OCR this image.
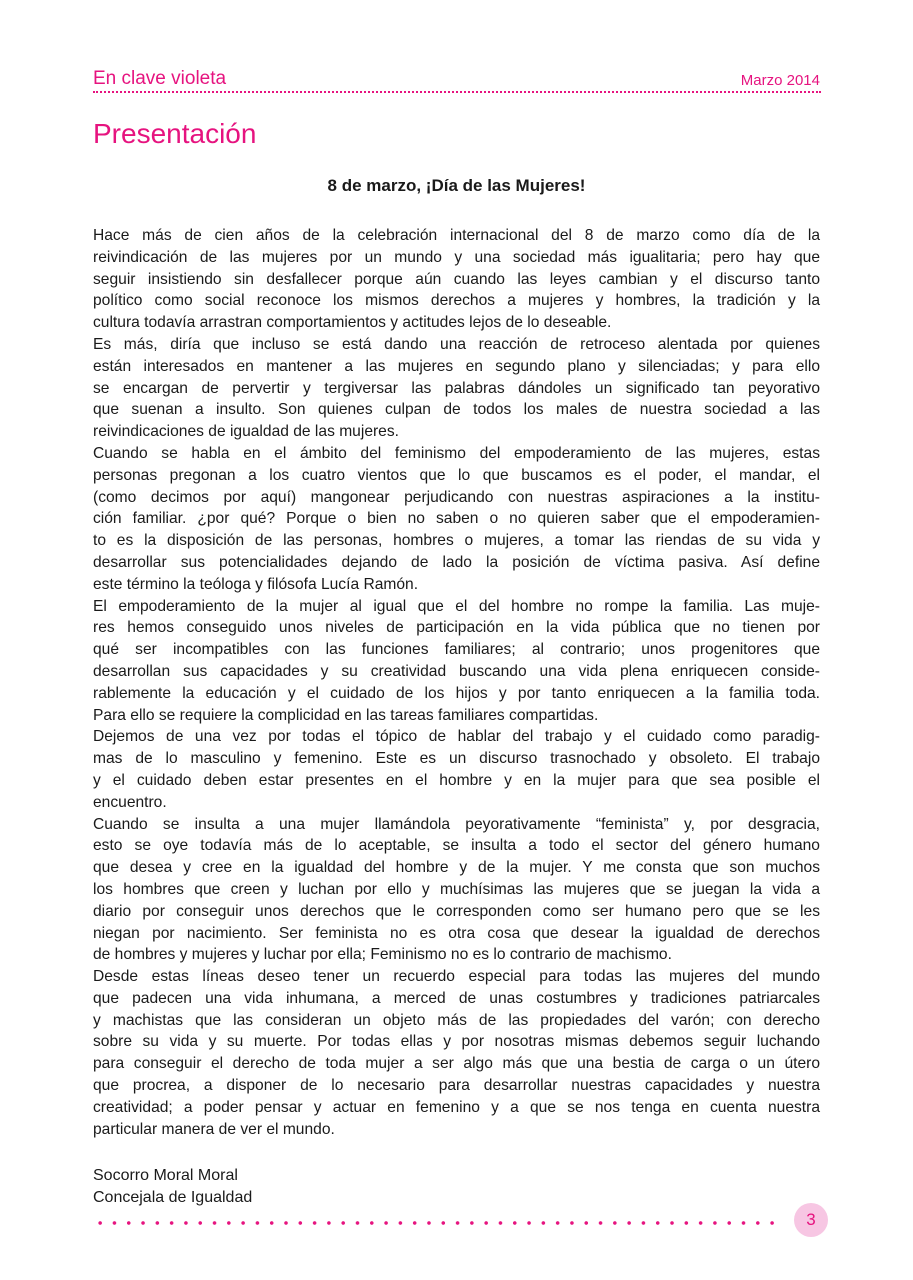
En clave violeta	Marzo 2014
Presentación
8 de marzo, ¡Día de las Mujeres!
Hace más de cien años de la celebración internacional del 8 de marzo como día de la
reivindicación de las mujeres por un mundo y una sociedad más igualitaria; pero hay que
seguir insistiendo sin desfallecer porque aún cuando las leyes cambian y el discurso tanto
político como social reconoce los mismos derechos a mujeres y hombres, la tradición y la
cultura todavía arrastran comportamientos y actitudes lejos de lo deseable.
Es más, diría que incluso se está dando una reacción de retroceso alentada por quienes
están interesados en mantener a las mujeres en segundo plano y silenciadas; y para ello
se encargan de pervertir y tergiversar las palabras dándoles un significado tan peyorativo
que suenan a insulto. Son quienes culpan de todos los males de nuestra sociedad a las
reivindicaciones de igualdad de las mujeres.
Cuando se habla en el ámbito del feminismo del empoderamiento de las mujeres, estas
personas pregonan a los cuatro vientos que lo que buscamos es el poder, el mandar, el
(como decimos por aquí) mangonear perjudicando con nuestras aspiraciones a la institu-
ción familiar. ¿por qué? Porque o bien no saben o no quieren saber que el empoderamien-
to es la disposición de las personas, hombres o mujeres, a tomar las riendas de su vida y
desarrollar sus potencialidades dejando de lado la posición de víctima pasiva. Así define
este término la teóloga y filósofa Lucía Ramón.
El empoderamiento de la mujer al igual que el del hombre no rompe la familia. Las muje-
res hemos conseguido unos niveles de participación en la vida pública que no tienen por
qué ser incompatibles con las funciones familiares; al contrario; unos progenitores que
desarrollan sus capacidades y su creatividad buscando una vida plena enriquecen conside-
rablemente la educación y el cuidado de los hijos y por tanto enriquecen a la familia toda.
Para ello se requiere la complicidad en las tareas familiares compartidas.
Dejemos de una vez por todas el tópico de hablar del trabajo y el cuidado como paradig-
mas de lo masculino y femenino. Este es un discurso trasnochado y obsoleto. El trabajo
y el cuidado deben estar presentes en el hombre y en la mujer para que sea posible el
encuentro.
Cuando se insulta a una mujer llamándola peyorativamente “feminista” y, por desgracia,
esto se oye todavía más de lo aceptable, se insulta a todo el sector del género humano
que desea y cree en la igualdad del hombre y de la mujer. Y me consta que son muchos
los hombres que creen y luchan por ello y muchísimas las mujeres que se juegan la vida a
diario por conseguir unos derechos que le corresponden como ser humano pero que se les
niegan por nacimiento. Ser feminista no es otra cosa que desear la igualdad de derechos
de hombres y mujeres y luchar por ella; Feminismo no es lo contrario de machismo.
Desde estas líneas deseo tener un recuerdo especial para todas las mujeres del mundo
que padecen una vida inhumana, a merced de unas costumbres y tradiciones patriarcales
y machistas que las consideran un objeto más de las propiedades del varón; con derecho
sobre su vida y su muerte. Por todas ellas y por nosotras mismas debemos seguir luchando
para conseguir el derecho de toda mujer a ser algo más que una bestia de carga o un útero
que procrea, a disponer de lo necesario para desarrollar nuestras capacidades y nuestra
creatividad; a poder pensar y actuar en femenino y a que se nos tenga en cuenta nuestra
particular manera de ver el mundo.
Socorro Moral Moral
Concejala de Igualdad
3
